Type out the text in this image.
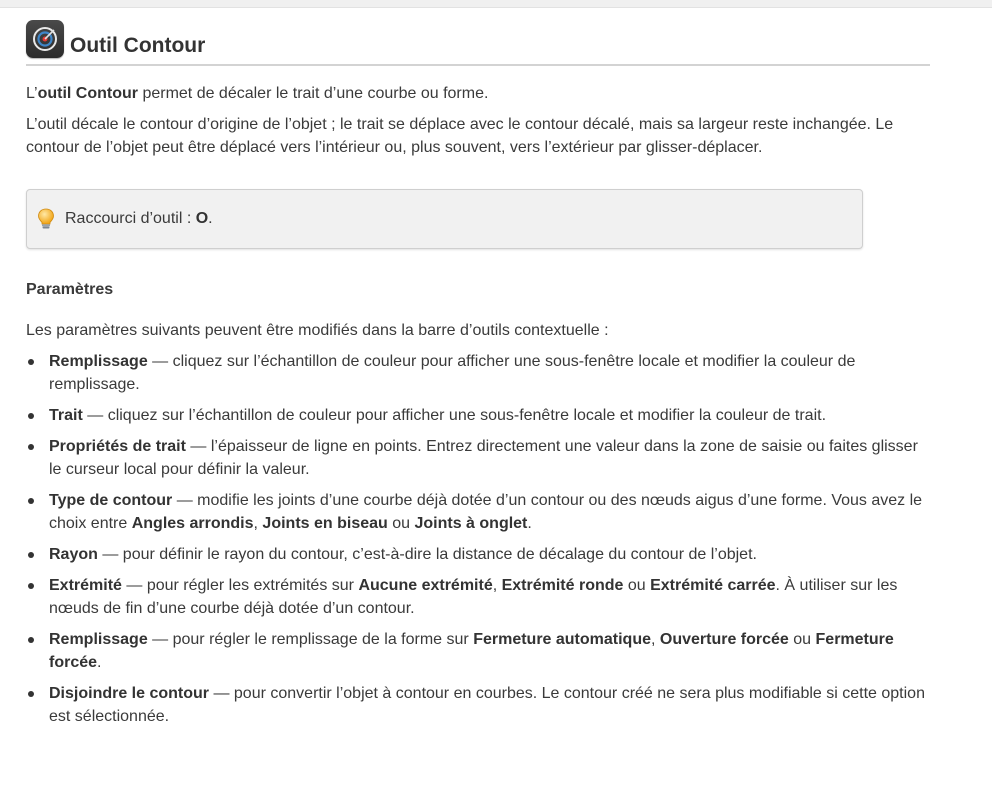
Outil Contour

L’outil Contour permet de décaler le trait d’une courbe ou forme.

L’outil décale le contour d’origine de l’objet ; le trait se déplace avec le contour décalé, mais sa largeur reste inchangée. Le contour de l’objet peut être déplacé vers l’intérieur ou, plus souvent, vers l’extérieur par glisser-déplacer.

Raccourci d’outil : O.
Paramètres

Les paramètres suivants peuvent être modifiés dans la barre d’outils contextuelle :

Remplissage — cliquez sur l’échantillon de couleur pour afficher une sous-fenêtre locale et modifier la couleur de remplissage.
Trait — cliquez sur l’échantillon de couleur pour afficher une sous-fenêtre locale et modifier la couleur de trait.
Propriétés de trait — l’épaisseur de ligne en points. Entrez directement une valeur dans la zone de saisie ou faites glisser le curseur local pour définir la valeur.
Type de contour — modifie les joints d’une courbe déjà dotée d’un contour ou des nœuds aigus d’une forme. Vous avez le choix entre Angles arrondis, Joints en biseau ou Joints à onglet.
Rayon — pour définir le rayon du contour, c’est-à-dire la distance de décalage du contour de l’objet.
Extrémité — pour régler les extrémités sur Aucune extrémité, Extrémité ronde ou Extrémité carrée. À utiliser sur les nœuds de fin d’une courbe déjà dotée d’un contour.
Remplissage — pour régler le remplissage de la forme sur Fermeture automatique, Ouverture forcée ou Fermeture forcée.
Disjoindre le contour — pour convertir l’objet à contour en courbes. Le contour créé ne sera plus modifiable si cette option est sélectionnée.
